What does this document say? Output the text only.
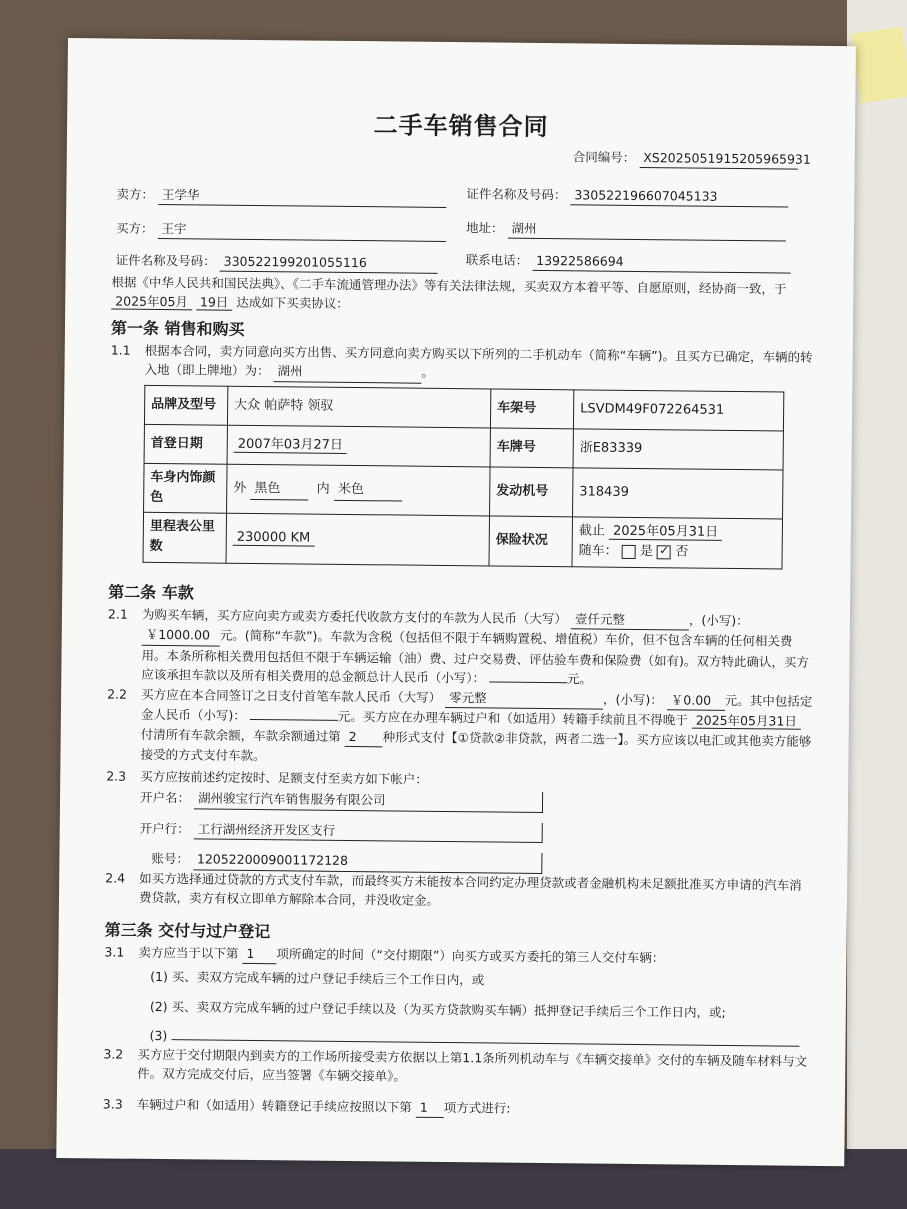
二手车销售合同
合同编号： XS2025051915205965931
卖方： 王学华	证件名称及号码： 330522196607045133
买方： 王宇	地址： 湖州
证件名称及号码： 330522199201055116	联系电话： 13922586694
根据《中华人民共和国民法典》、《二手车流通管理办法》等有关法律法规，买卖双方本着平等、自愿原则，经协商一致，于 2025年05月 19日 达成如下买卖协议：
第一条 销售和购买
1.1	根据本合同，卖方同意向买方出售、买方同意向卖方购买以下所列的二手机动车（简称“车辆”)。且买方已确定，车辆的转入地（即上牌地）为： 湖州	。
品牌及型号	大众 帕萨特 领驭	车架号	LSVDM49F072264531
首登日期	2007年03月27日	车牌号	浙E83339
车身内饰颜色	外 黑色 内 米色	发动机号	318439
里程表公里数	230000 KM	保险状况	截止 2025年05月31日
随车： 是 ✓ 否
第二条 车款
2.1	为购买车辆，买方应向卖方或卖方委托代收款方支付的车款为人民币（大写） 壹仟元整	，(小写)： ￥1000.00 元。(简称“车款”)。车款为含税（包括但不限于车辆购置税、增值税）车价，但不包含车辆的任何相关费用。本条所称相关费用包括但不限于车辆运输（油）费、过户交易费、评估验车费和保险费（如有)。双方特此确认，买方应该承担车款以及所有相关费用的总金额总计人民币（小写）：	元。
2.2	买方应在本合同签订之日支付首笔车款人民币（大写） 零元整	，(小写)： ￥0.00 元。其中包括定金人民币（小写)：	元。买方应在办理车辆过户和（如适用）转籍手续前且不得晚于 2025年05月31日付清所有车款余额，车款余额通过第 2 种形式支付【①贷款②非贷款，两者二选一】。买方应该以电汇或其他卖方能够接受的方式支付车款。
2.3	买方应按前述约定按时、足额支付至卖方如下帐户：
开户名： 湖州骏宝行汽车销售服务有限公司
开户行： 工行湖州经济开发区支行
账号： 1205220009001172128
2.4	如买方选择通过贷款的方式支付车款，而最终买方未能按本合同约定办理贷款或者金融机构未足额批准买方申请的汽车消费贷款，卖方有权立即单方解除本合同，并没收定金。
第三条 交付与过户登记
3.1	卖方应当于以下第 1 项所确定的时间（“交付期限”）向买方或买方委托的第三人交付车辆：
(1) 买、卖双方完成车辆的过户登记手续后三个工作日内，或
(2) 买、卖双方完成车辆的过户登记手续以及（为买方贷款购买车辆）抵押登记手续后三个工作日内，或;
(3)
3.2	买方应于交付期限内到卖方的工作场所接受卖方依据以上第1.1条所列机动车与《车辆交接单》交付的车辆及随车材料与文件。双方完成交付后，应当签署《车辆交接单》。
3.3	车辆过户和（如适用）转籍登记手续应按照以下第 1 项方式进行:
